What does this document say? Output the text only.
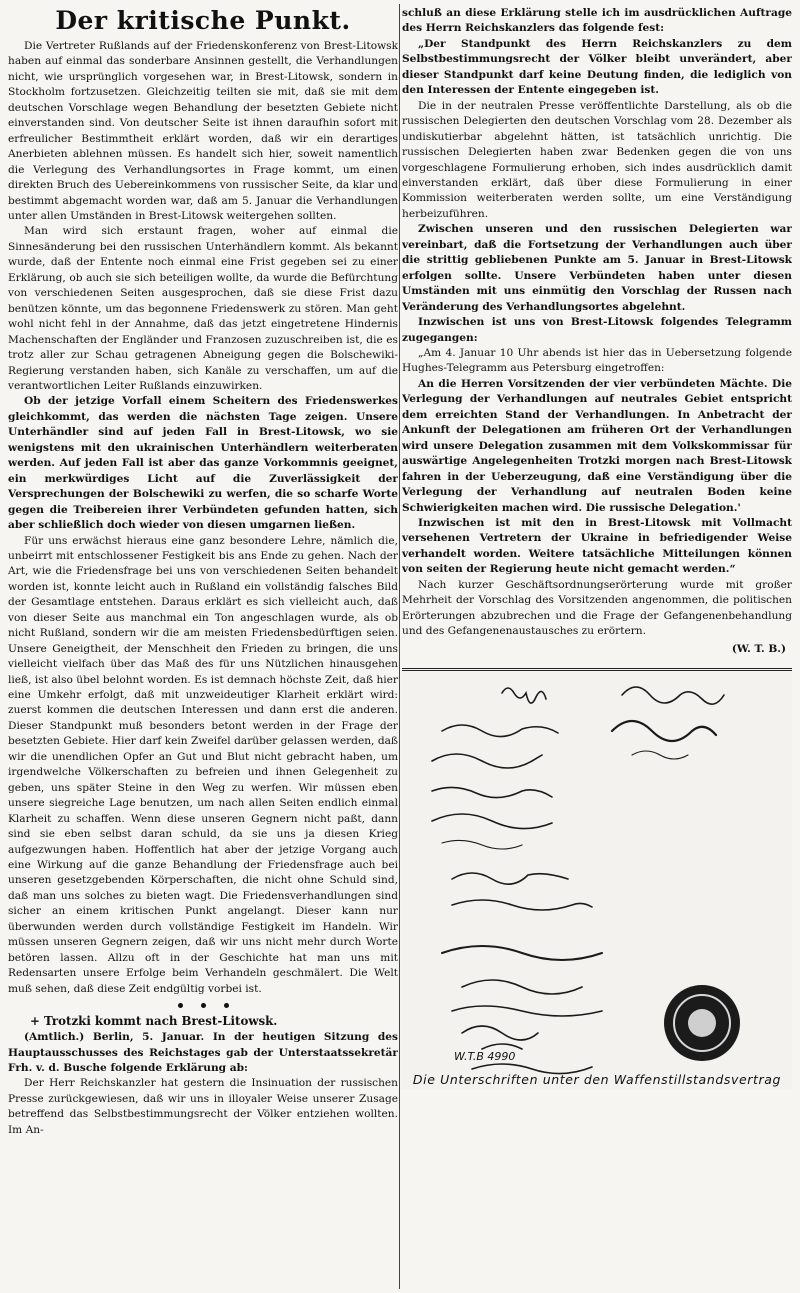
Der kritische Punkt.

Die Vertreter Rußlands auf der Friedenskonferenz von Brest-Litowsk haben auf einmal das sonderbare Ansinnen gestellt, die Verhandlungen nicht, wie ursprünglich vorgesehen war, in Brest-Litowsk, sondern in Stockholm fortzusetzen. Gleichzeitig teilten sie mit, daß sie mit dem deutschen Vorschlage wegen Behandlung der besetzten Gebiete nicht einverstanden sind. Von deutscher Seite ist ihnen daraufhin sofort mit erfreulicher Bestimmtheit erklärt worden, daß wir ein derartiges Anerbieten ablehnen müssen. Es handelt sich hier, soweit namentlich die Verlegung des Verhandlungsortes in Frage kommt, um einen direkten Bruch des Uebereinkommens von russischer Seite, da klar und bestimmt abgemacht worden war, daß am 5. Januar die Verhandlungen unter allen Umständen in Brest-Litowsk weitergehen sollten.

Man wird sich erstaunt fragen, woher auf einmal die Sinnesänderung bei den russischen Unterhändlern kommt. Als bekannt wurde, daß der Entente noch einmal eine Frist gegeben sei zu einer Erklärung, ob auch sie sich beteiligen wollte, da wurde die Befürchtung von verschiedenen Seiten ausgesprochen, daß sie diese Frist dazu benützen könnte, um das begonnene Friedenswerk zu stören. Man geht wohl nicht fehl in der Annahme, daß das jetzt eingetretene Hindernis Machenschaften der Engländer und Franzosen zuzuschreiben ist, die es trotz aller zur Schau getragenen Abneigung gegen die Bolschewiki-Regierung verstanden haben, sich Kanäle zu verschaffen, um auf die verantwortlichen Leiter Rußlands einzuwirken.

Ob der jetzige Vorfall einem Scheitern des Friedenswerkes gleichkommt, das werden die nächsten Tage zeigen. Unsere Unterhändler sind auf jeden Fall in Brest-Litowsk, wo sie wenigstens mit den ukrainischen Unterhändlern weiterberaten werden. Auf jeden Fall ist aber das ganze Vorkommnis geeignet, ein merkwürdiges Licht auf die Zuverlässigkeit der Versprechungen der Bolschewiki zu werfen, die so scharfe Worte gegen die Treibereien ihrer Verbündeten gefunden hatten, sich aber schließlich doch wieder von diesen umgarnen ließen.

Für uns erwächst hieraus eine ganz besondere Lehre, nämlich die, unbeirrt mit entschlossener Festigkeit bis ans Ende zu gehen. Nach der Art, wie die Friedensfrage bei uns von verschiedenen Seiten behandelt worden ist, konnte leicht auch in Rußland ein vollständig falsches Bild der Gesamtlage entstehen. Daraus erklärt es sich vielleicht auch, daß von dieser Seite aus manchmal ein Ton angeschlagen wurde, als ob nicht Rußland, sondern wir die am meisten Friedensbedürftigen seien. Unsere Geneigtheit, der Menschheit den Frieden zu bringen, die uns vielleicht vielfach über das Maß des für uns Nützlichen hinausgehen ließ, ist also übel belohnt worden. Es ist demnach höchste Zeit, daß hier eine Umkehr erfolgt, daß mit unzweideutiger Klarheit erklärt wird: zuerst kommen die deutschen Interessen und dann erst die anderen. Dieser Standpunkt muß besonders betont werden in der Frage der besetzten Gebiete. Hier darf kein Zweifel darüber gelassen werden, daß wir die unendlichen Opfer an Gut und Blut nicht gebracht haben, um irgendwelche Völkerschaften zu befreien und ihnen Gelegenheit zu geben, uns später Steine in den Weg zu werfen. Wir müssen eben unsere siegreiche Lage benutzen, um nach allen Seiten endlich einmal Klarheit zu schaffen. Wenn diese unseren Gegnern nicht paßt, dann sind sie eben selbst daran schuld, da sie uns ja diesen Krieg aufgezwungen haben. Hoffentlich hat aber der jetzige Vorgang auch eine Wirkung auf die ganze Behandlung der Friedensfrage auch bei unseren gesetzgebenden Körperschaften, die nicht ohne Schuld sind, daß man uns solches zu bieten wagt. Die Friedensverhandlungen sind sicher an einem kritischen Punkt angelangt. Dieser kann nur überwunden werden durch vollständige Festigkeit im Handeln. Wir müssen unseren Gegnern zeigen, daß wir uns nicht mehr durch Worte betören lassen. Allzu oft in der Geschichte hat man uns mit Redensarten unsere Erfolge beim Verhandeln geschmälert. Die Welt muß sehen, daß diese Zeit endgültig vorbei ist.

+ Trotzki kommt nach Brest-Litowsk.

(Amtlich.) Berlin, 5. Januar. In der heutigen Sitzung des Hauptausschusses des Reichstages gab der Unterstaatssekretär Frh. v. d. Busche folgende Erklärung ab:

Der Herr Reichskanzler hat gestern die Insinuation der russischen Presse zurückgewiesen, daß wir uns in illoyaler Weise unserer Zusage betreffend das Selbstbestimmungsrecht der Völker entziehen wollten. Im An-

schluß an diese Erklärung stelle ich im ausdrücklichen Auftrage des Herrn Reichskanzlers das folgende fest:

„Der Standpunkt des Herrn Reichskanzlers zu dem Selbstbestimmungsrecht der Völker bleibt unverändert, aber dieser Standpunkt darf keine Deutung finden, die lediglich von den Interessen der Entente eingegeben ist.

Die in der neutralen Presse veröffentlichte Darstellung, als ob die russischen Delegierten den deutschen Vorschlag vom 28. Dezember als undiskutierbar abgelehnt hätten, ist tatsächlich unrichtig. Die russischen Delegierten haben zwar Bedenken gegen die von uns vorgeschlagene Formulierung erhoben, sich indes ausdrücklich damit einverstanden erklärt, daß über diese Formulierung in einer Kommission weiterberaten werden sollte, um eine Verständigung herbeizuführen.

Zwischen unseren und den russischen Delegierten war vereinbart, daß die Fortsetzung der Verhandlungen auch über die strittig gebliebenen Punkte am 5. Januar in Brest-Litowsk erfolgen sollte. Unsere Verbündeten haben unter diesen Umständen mit uns einmütig den Vorschlag der Russen nach Veränderung des Verhandlungsortes abgelehnt.

Inzwischen ist uns von Brest-Litowsk folgendes Telegramm zugegangen:

„Am 4. Januar 10 Uhr abends ist hier das in Uebersetzung folgende Hughes-Telegramm aus Petersburg eingetroffen:

An die Herren Vorsitzenden der vier verbündeten Mächte. Die Verlegung der Verhandlungen auf neutrales Gebiet entspricht dem erreichten Stand der Verhandlungen. In Anbetracht der Ankunft der Delegationen am früheren Ort der Verhandlungen wird unsere Delegation zusammen mit dem Volkskommissar für auswärtige Angelegenheiten Trotzki morgen nach Brest-Litowsk fahren in der Ueberzeugung, daß eine Verständigung über die Verlegung der Verhandlung auf neutralen Boden keine Schwierigkeiten machen wird. Die russische Delegation.'

Inzwischen ist mit den in Brest-Litowsk mit Vollmacht versehenen Vertretern der Ukraine in befriedigender Weise verhandelt worden. Weitere tatsächliche Mitteilungen können von seiten der Regierung heute nicht gemacht werden.“

Nach kurzer Geschäftsordnungserörterung wurde mit großer Mehrheit der Vorschlag des Vorsitzenden angenommen, die politischen Erörterungen abzubrechen und die Frage der Gefangenenbehandlung und des Gefangenenaustausches zu erörtern.

(W. T. B.)
W.T.B 4990
Die Unterschriften unter den Waffenstillstandsvertrag
